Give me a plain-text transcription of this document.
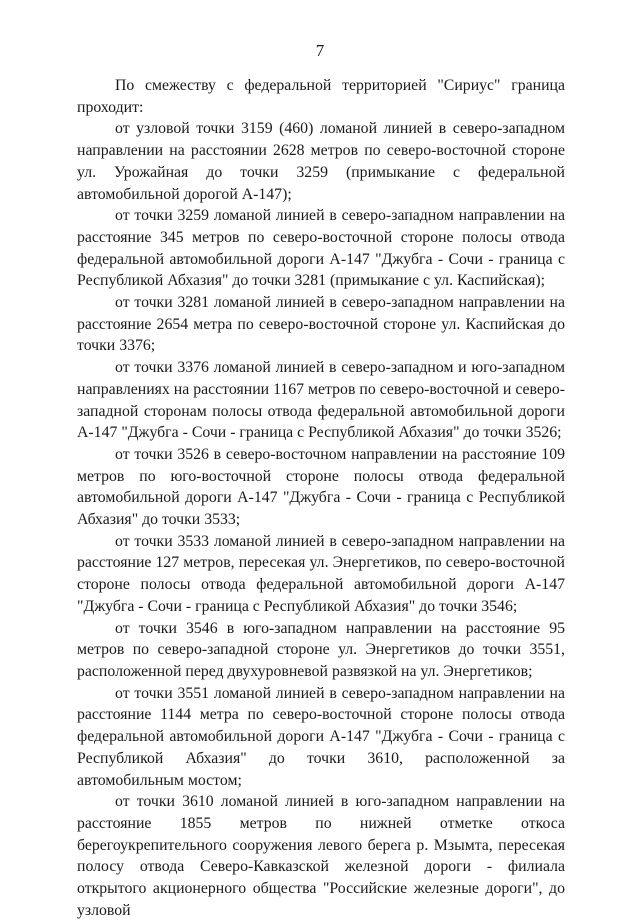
7

По смежеству с федеральной территорией "Сириус" граница проходит:

от узловой точки 3159 (460) ломаной линией в северо-западном направлении на расстоянии 2628 метров по северо-восточной стороне ул. Урожайная до точки 3259 (примыкание с федеральной автомобильной дорогой А-147);

от точки 3259 ломаной линией в северо-западном направлении на расстояние 345 метров по северо-восточной стороне полосы отвода федеральной автомобильной дороги А-147 "Джубга - Сочи - граница с Республикой Абхазия" до точки 3281 (примыкание с ул. Каспийская);

от точки 3281 ломаной линией в северо-западном направлении на расстояние 2654 метра по северо-восточной стороне ул. Каспийская до точки 3376;

от точки 3376 ломаной линией в северо-западном и юго-западном направлениях на расстоянии 1167 метров по северо-восточной и северо-западной сторонам полосы отвода федеральной автомобильной дороги А-147 "Джубга - Сочи - граница с Республикой Абхазия" до точки 3526;

от точки 3526 в северо-восточном направлении на расстояние 109 метров по юго-восточной стороне полосы отвода федеральной автомобильной дороги А-147 "Джубга - Сочи - граница с Республикой Абхазия" до точки 3533;

от точки 3533 ломаной линией в северо-западном направлении на расстояние 127 метров, пересекая ул. Энергетиков, по северо-восточной стороне полосы отвода федеральной автомобильной дороги А-147 "Джубга - Сочи - граница с Республикой Абхазия" до точки 3546;

от точки 3546 в юго-западном направлении на расстояние 95 метров по северо-западной стороне ул. Энергетиков до точки 3551, расположенной перед двухуровневой развязкой на ул. Энергетиков;

от точки 3551 ломаной линией в северо-западном направлении на расстояние 1144 метра по северо-восточной стороне полосы отвода федеральной автомобильной дороги А-147 "Джубга - Сочи - граница с Республикой Абхазия" до точки 3610, расположенной за автомобильным мостом;

от точки 3610 ломаной линией в юго-западном направлении на расстояние 1855 метров по нижней отметке откоса берегоукрепительного сооружения левого берега р. Мзымта, пересекая полосу отвода Северо-Кавказской железной дороги - филиала открытого акционерного общества "Российские железные дороги", до узловой
